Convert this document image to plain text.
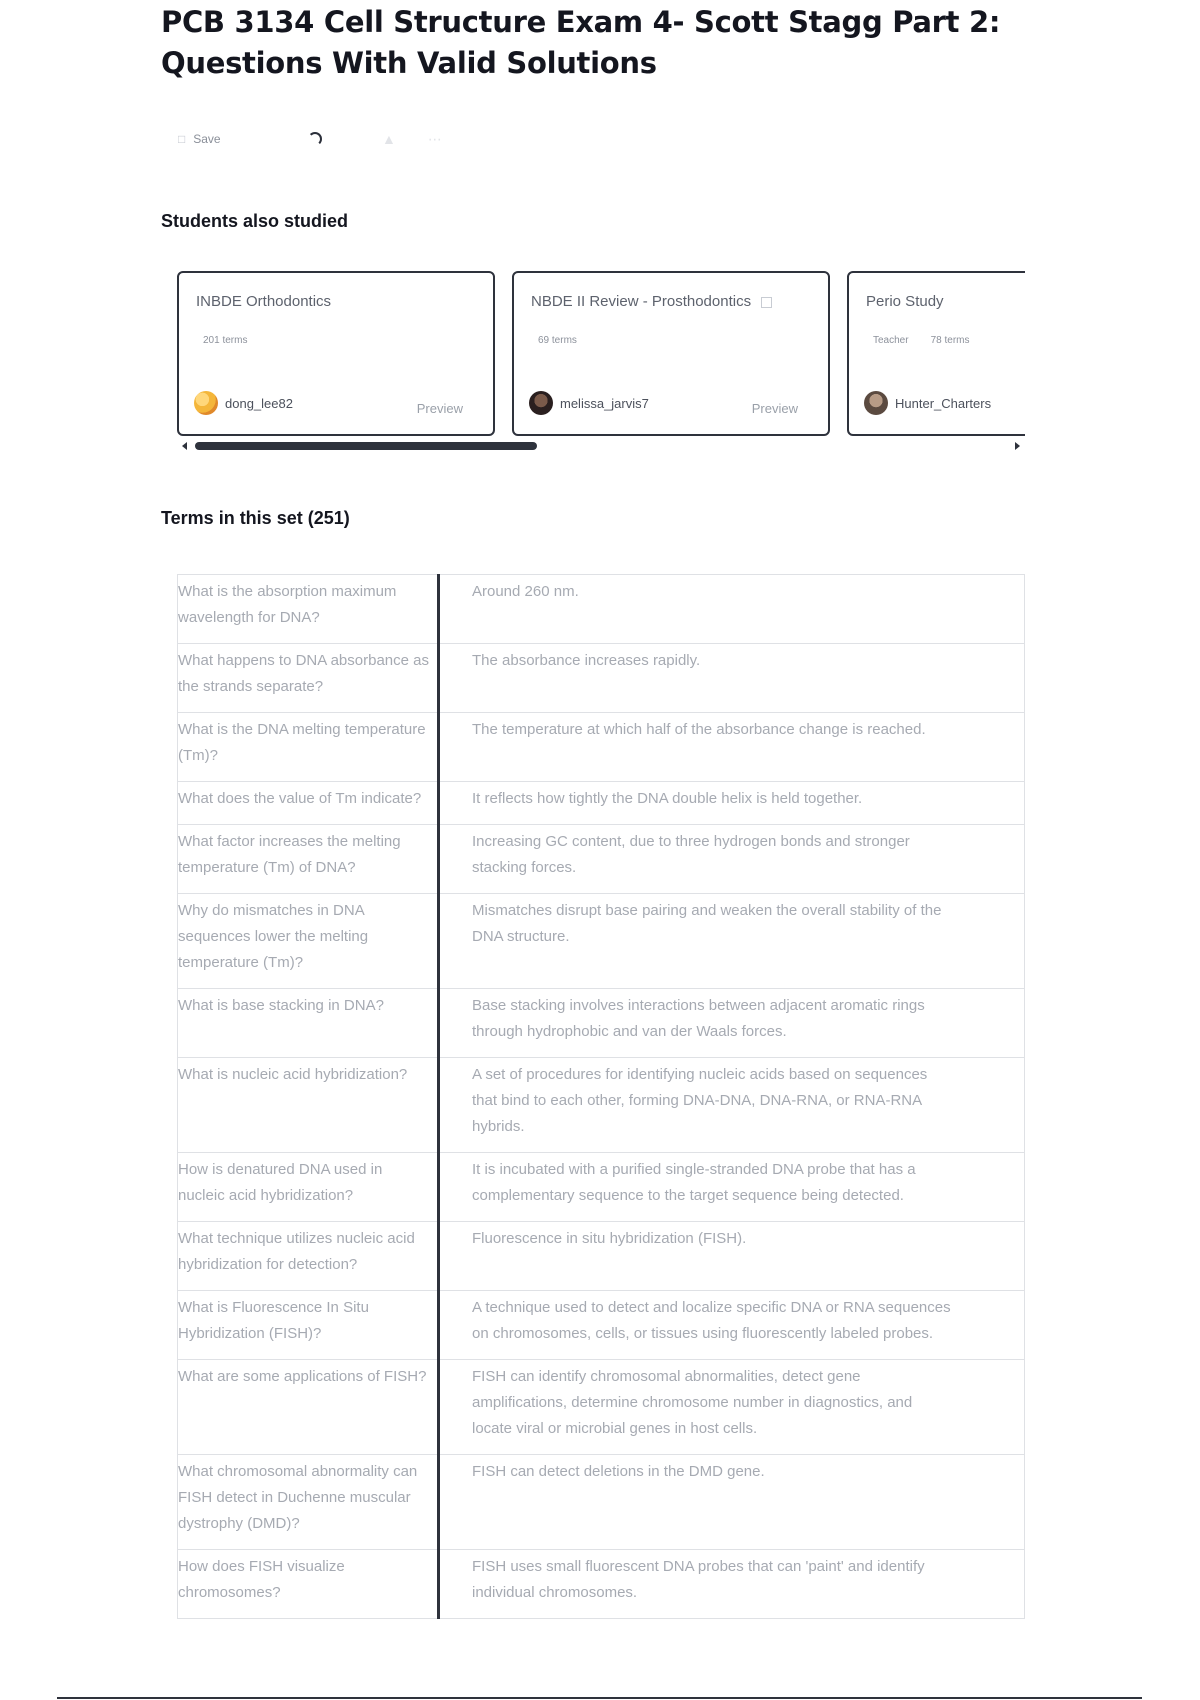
PCB 3134 Cell Structure Exam 4- Scott Stagg Part 2: Questions With Valid Solutions
□ Save	▲ ⋯
Students also studied
INBDE Orthodontics
201 terms
dong_lee82	Preview
NBDE II Review - Prosthodontics
69 terms
melissa_jarvis7	Preview
Perio Study
Teacher 78 terms
Hunter_Charters
Terms in this set (251)
What is the absorption maximum wavelength for DNA?	Around 260 nm.
What happens to DNA absorbance as the strands separate?	The absorbance increases rapidly.
What is the DNA melting temperature (Tm)?	The temperature at which half of the absorbance change is reached.
What does the value of Tm indicate?	It reflects how tightly the DNA double helix is held together.
What factor increases the melting temperature (Tm) of DNA?	Increasing GC content, due to three hydrogen bonds and stronger stacking forces.
Why do mismatches in DNA sequences lower the melting temperature (Tm)?	Mismatches disrupt base pairing and weaken the overall stability of the DNA structure.
What is base stacking in DNA?	Base stacking involves interactions between adjacent aromatic rings through hydrophobic and van der Waals forces.
What is nucleic acid hybridization?	A set of procedures for identifying nucleic acids based on sequences that bind to each other, forming DNA-DNA, DNA-RNA, or RNA-RNA hybrids.
How is denatured DNA used in nucleic acid hybridization?	It is incubated with a purified single-stranded DNA probe that has a complementary sequence to the target sequence being detected.
What technique utilizes nucleic acid hybridization for detection?	Fluorescence in situ hybridization (FISH).
What is Fluorescence In Situ Hybridization (FISH)?	A technique used to detect and localize specific DNA or RNA sequences on chromosomes, cells, or tissues using fluorescently labeled probes.
What are some applications of FISH?	FISH can identify chromosomal abnormalities, detect gene amplifications, determine chromosome number in diagnostics, and locate viral or microbial genes in host cells.
What chromosomal abnormality can FISH detect in Duchenne muscular dystrophy (DMD)?	FISH can detect deletions in the DMD gene.
How does FISH visualize chromosomes?	FISH uses small fluorescent DNA probes that can 'paint' and identify individual chromosomes.
